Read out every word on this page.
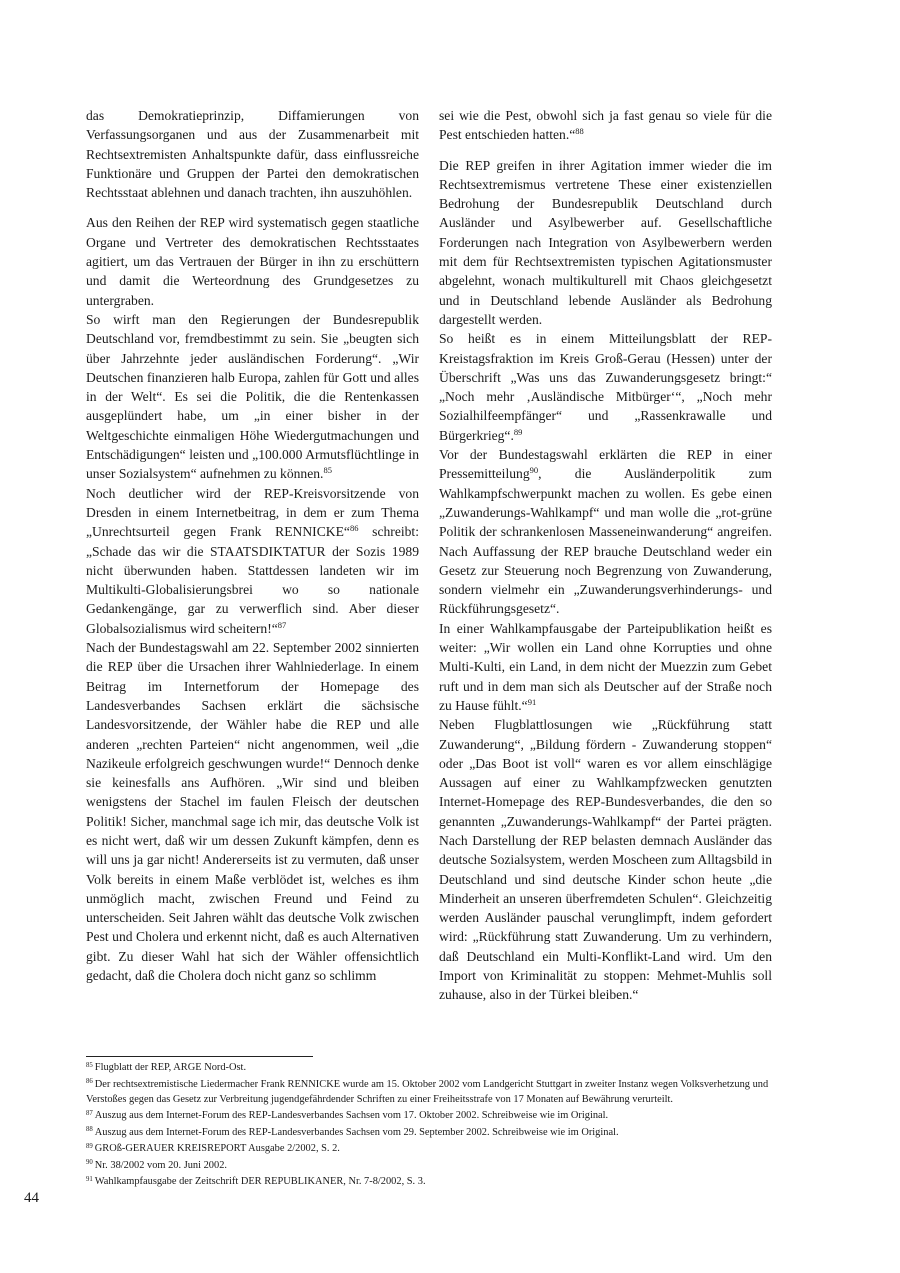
das Demokratieprinzip, Diffamierungen von Verfassungsorganen und aus der Zusammenarbeit mit Rechtsextremisten Anhaltspunkte dafür, dass einflussreiche Funktionäre und Gruppen der Partei den demokratischen Rechtsstaat ablehnen und danach trachten, ihn auszuhöhlen.

Aus den Reihen der REP wird systematisch gegen staatliche Organe und Vertreter des demokratischen Rechtsstaates agitiert, um das Vertrauen der Bürger in ihn zu erschüttern und damit die Werteordnung des Grundgesetzes zu untergraben.

So wirft man den Regierungen der Bundesrepublik Deutschland vor, fremdbestimmt zu sein. Sie „beugten sich über Jahrzehnte jeder ausländischen Forderung“. „Wir Deutschen finanzieren halb Europa, zahlen für Gott und alles in der Welt“. Es sei die Politik, die die Rentenkassen ausgeplündert habe, um „in einer bisher in der Weltgeschichte einmaligen Höhe Wiedergutmachungen und Entschädigungen“ leisten und „100.000 Armutsflüchtlinge in unser Sozialsystem“ aufnehmen zu können.$^{85}$

Noch deutlicher wird der REP-Kreisvorsitzende von Dresden in einem Internetbeitrag, in dem er zum Thema „Unrechtsurteil gegen Frank RENNICKE“$^{86}$ schreibt: „Schade das wir die STAATSDIKTATUR der Sozis 1989 nicht überwunden haben. Stattdessen landeten wir im Multikulti-Globalisierungsbrei wo so nationale Gedankengänge, gar zu verwerflich sind. Aber dieser Globalsozialismus wird scheitern!“$^{87}$

Nach der Bundestagswahl am 22. September 2002 sinnierten die REP über die Ursachen ihrer Wahlniederlage. In einem Beitrag im Internetforum der Homepage des Landesverbandes Sachsen erklärt die sächsische Landesvorsitzende, der Wähler habe die REP und alle anderen „rechten Parteien“ nicht angenommen, weil „die Nazikeule erfolgreich geschwungen wurde!“ Dennoch denke sie keinesfalls ans Aufhören. „Wir sind und bleiben wenigstens der Stachel im faulen Fleisch der deutschen Politik! Sicher, manchmal sage ich mir, das deutsche Volk ist es nicht wert, daß wir um dessen Zukunft kämpfen, denn es will uns ja gar nicht! Andererseits ist zu vermuten, daß unser Volk bereits in einem Maße verblödet ist, welches es ihm unmöglich macht, zwischen Freund und Feind zu unterscheiden. Seit Jahren wählt das deutsche Volk zwischen Pest und Cholera und erkennt nicht, daß es auch Alternativen gibt. Zu dieser Wahl hat sich der Wähler offensichtlich gedacht, daß die Cholera doch nicht ganz so schlimm

sei wie die Pest, obwohl sich ja fast genau so viele für die Pest entschieden hatten.“$^{88}$

Die REP greifen in ihrer Agitation immer wieder die im Rechtsextremismus vertretene These einer existenziellen Bedrohung der Bundesrepublik Deutschland durch Ausländer und Asylbewerber auf. Gesellschaftliche Forderungen nach Integration von Asylbewerbern werden mit dem für Rechtsextremisten typischen Agitationsmuster abgelehnt, wonach multikulturell mit Chaos gleichgesetzt und in Deutschland lebende Ausländer als Bedrohung dargestellt werden.

So heißt es in einem Mitteilungsblatt der REP-Kreistagsfraktion im Kreis Groß-Gerau (Hessen) unter der Überschrift „Was uns das Zuwanderungsgesetz bringt:“ „Noch mehr ‚Ausländische Mitbürger‘“, „Noch mehr Sozialhilfeempfänger“ und „Rassenkrawalle und Bürgerkrieg“.$^{89}$

Vor der Bundestagswahl erklärten die REP in einer Pressemitteilung$^{90}$, die Ausländerpolitik zum Wahlkampfschwerpunkt machen zu wollen. Es gebe einen „Zuwanderungs-Wahlkampf“ und man wolle die „rot-grüne Politik der schrankenlosen Masseneinwanderung“ angreifen. Nach Auffassung der REP brauche Deutschland weder ein Gesetz zur Steuerung noch Begrenzung von Zuwanderung, sondern vielmehr ein „Zuwanderungsverhinderungs- und Rückführungsgesetz“.

In einer Wahlkampfausgabe der Parteipublikation heißt es weiter: „Wir wollen ein Land ohne Korrupties und ohne Multi-Kulti, ein Land, in dem nicht der Muezzin zum Gebet ruft und in dem man sich als Deutscher auf der Straße noch zu Hause fühlt.“$^{91}$

Neben Flugblattlosungen wie „Rückführung statt Zuwanderung“, „Bildung fördern - Zuwanderung stoppen“ oder „Das Boot ist voll“ waren es vor allem einschlägige Aussagen auf einer zu Wahlkampfzwecken genutzten Internet-Homepage des REP-Bundesverbandes, die den so genannten „Zuwanderungs-Wahlkampf“ der Partei prägten. Nach Darstellung der REP belasten demnach Ausländer das deutsche Sozialsystem, werden Moscheen zum Alltagsbild in Deutschland und sind deutsche Kinder schon heute „die Minderheit an unseren überfremdeten Schulen“. Gleichzeitig werden Ausländer pauschal verunglimpft, indem gefordert wird: „Rückführung statt Zuwanderung. Um zu verhindern, daß Deutschland ein Multi-Konflikt-Land wird. Um den Import von Kriminalität zu stoppen: Mehmet-Muhlis soll zuhause, also in der Türkei bleiben.“

$^{85}$ Flugblatt der REP, ARGE Nord-Ost.

$^{86}$ Der rechtsextremistische Liedermacher Frank RENNICKE wurde am 15. Oktober 2002 vom Landgericht Stuttgart in zweiter Instanz wegen Volksverhetzung und Verstoßes gegen das Gesetz zur Verbreitung jugendgefährdender Schriften zu einer Freiheitsstrafe von 17 Monaten auf Bewährung verurteilt.

$^{87}$ Auszug aus dem Internet-Forum des REP-Landesverbandes Sachsen vom 17. Oktober 2002. Schreibweise wie im Original.

$^{88}$ Auszug aus dem Internet-Forum des REP-Landesverbandes Sachsen vom 29. September 2002. Schreibweise wie im Original.

$^{89}$ GROß-GERAUER KREISREPORT Ausgabe 2/2002, S. 2.

$^{90}$ Nr. 38/2002 vom 20. Juni 2002.

$^{91}$ Wahlkampfausgabe der Zeitschrift DER REPUBLIKANER, Nr. 7-8/2002, S. 3.

44
